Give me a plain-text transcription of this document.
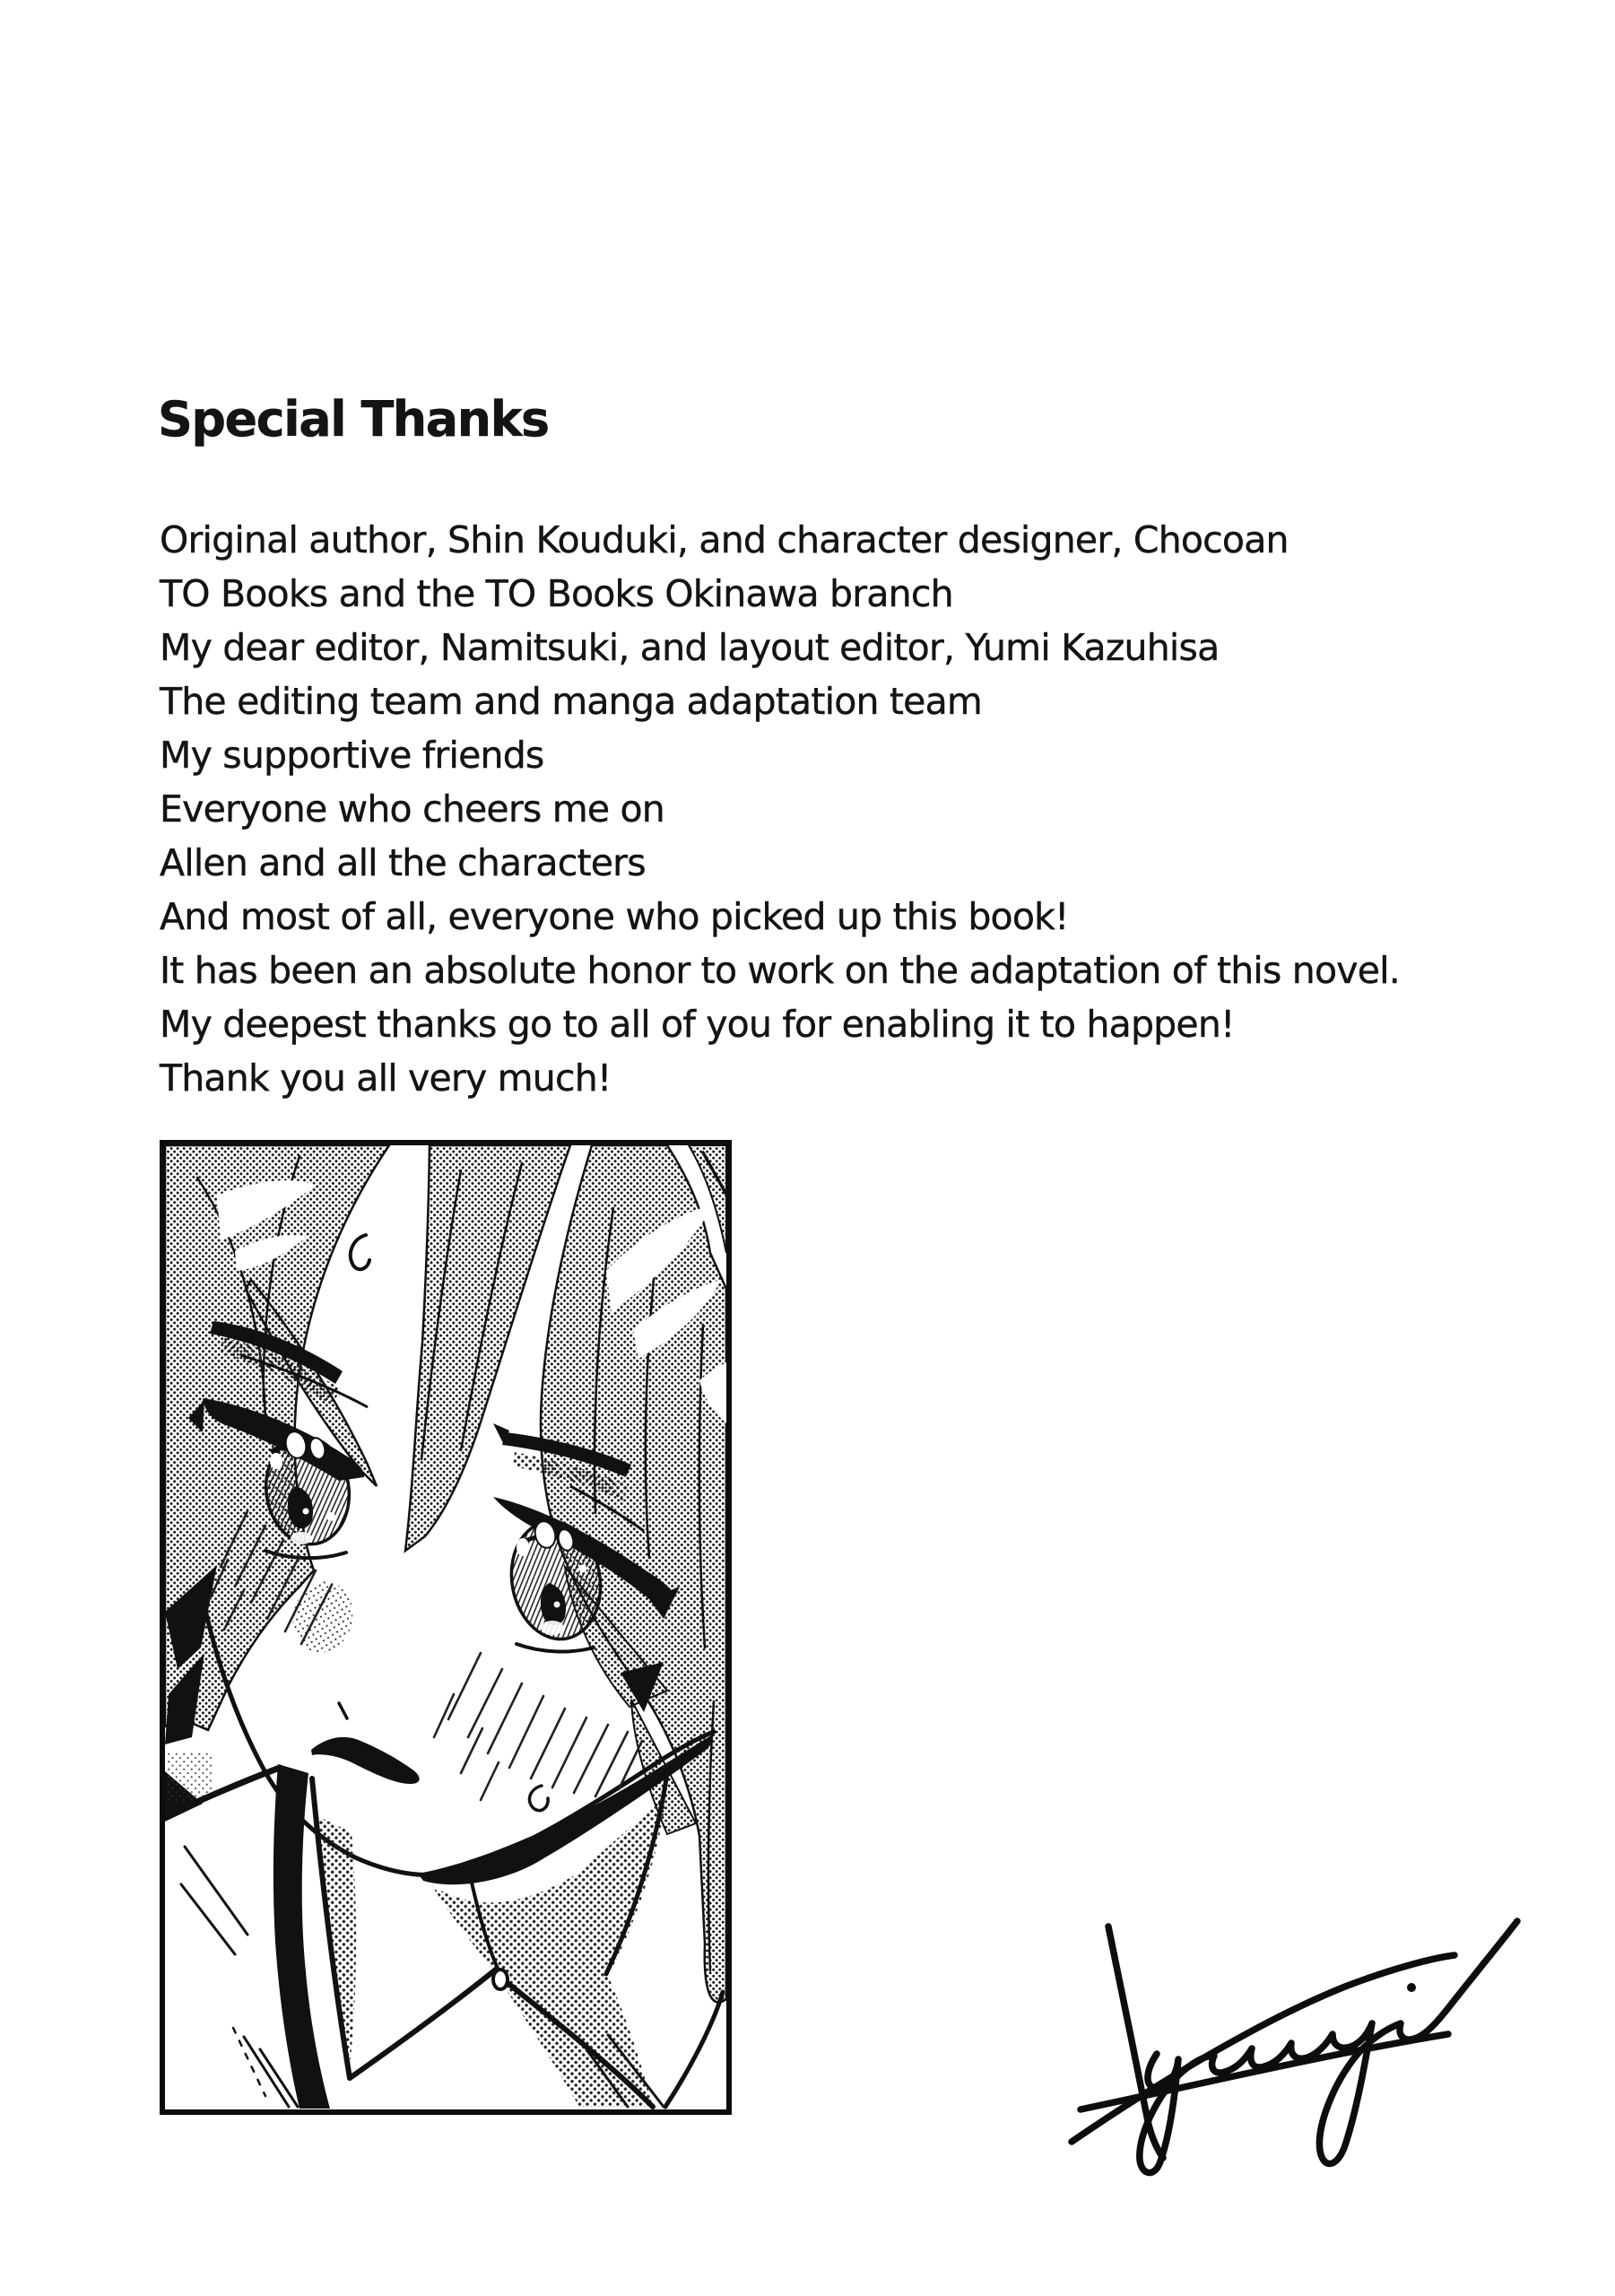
Special Thanks
Original author, Shin Kouduki, and character designer, Chocoan
TO Books and the TO Books Okinawa branch
My dear editor, Namitsuki, and layout editor, Yumi Kazuhisa
The editing team and manga adaptation team
My supportive friends
Everyone who cheers me on
Allen and all the characters
And most of all, everyone who picked up this book!
It has been an absolute honor to work on the adaptation of this novel.
My deepest thanks go to all of you for enabling it to happen!
Thank you all very much!
